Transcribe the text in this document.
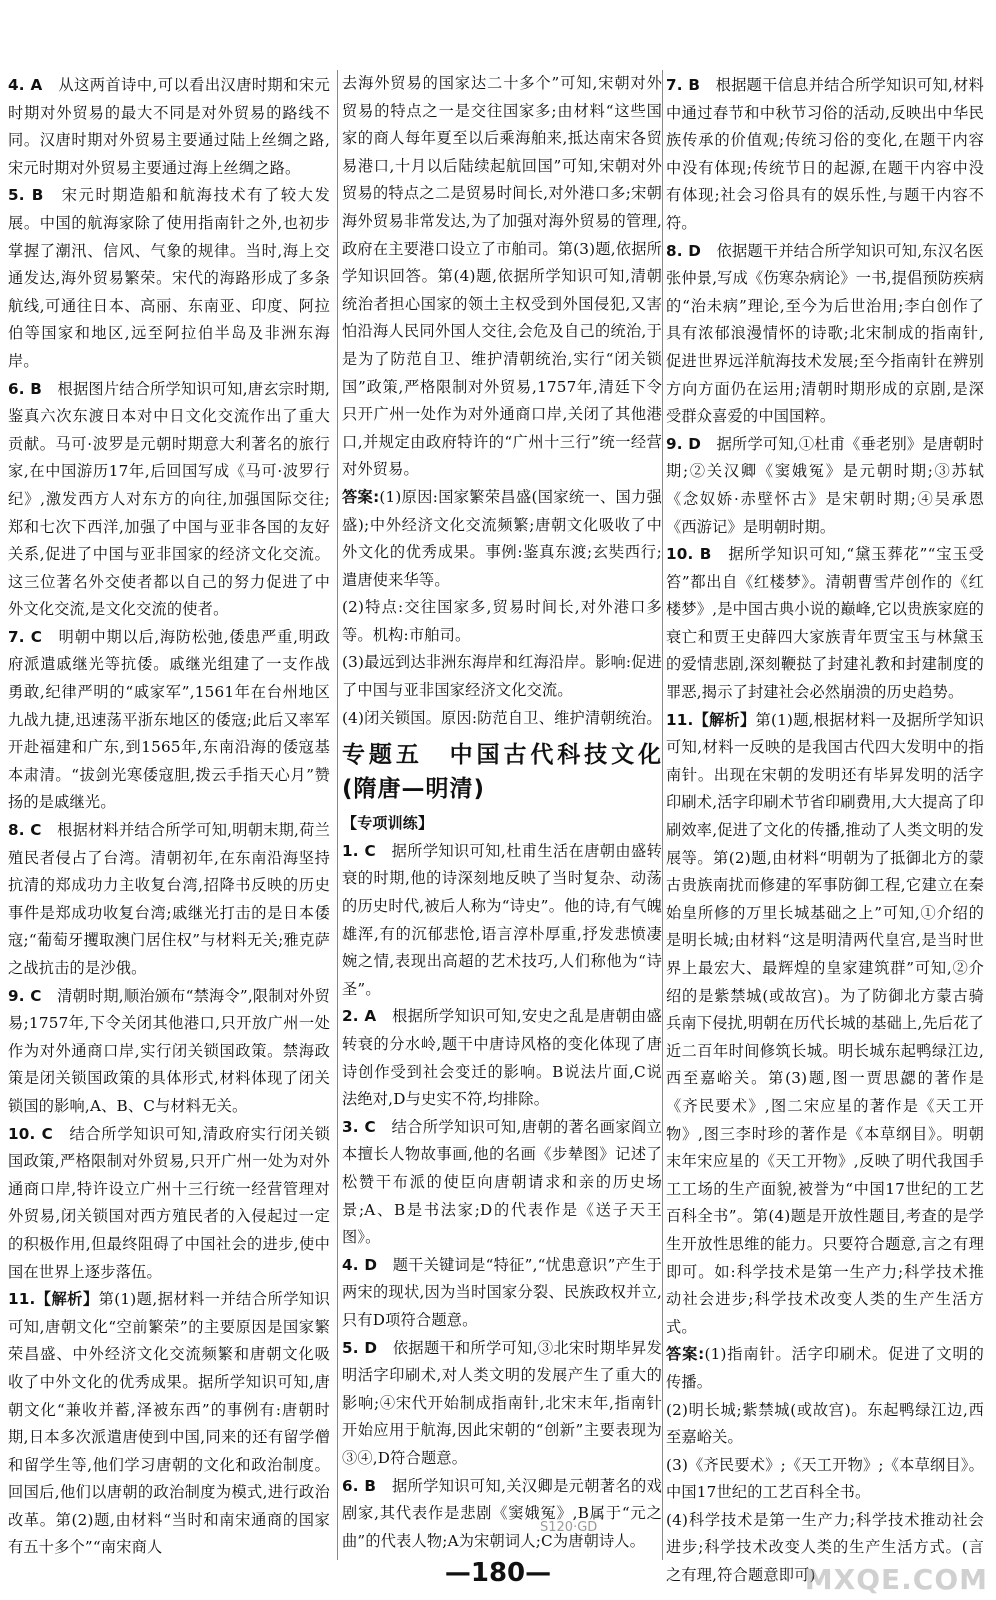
4. A　 从这两首诗中,可以看出汉唐时期和宋元时期对外贸易的最大不同是对外贸易的路线不同。汉唐时期对外贸易主要通过陆上丝绸之路,宋元时期对外贸易主要通过海上丝绸之路。

5. B　 宋元时期造船和航海技术有了较大发展。中国的航海家除了使用指南针之外,也初步掌握了潮汛、信风、气象的规律。当时,海上交通发达,海外贸易繁荣。宋代的海路形成了多条航线,可通往日本、高丽、东南亚、印度、阿拉伯等国家和地区,远至阿拉伯半岛及非洲东海岸。

6. B　 根据图片结合所学知识可知,唐玄宗时期,鉴真六次东渡日本对中日文化交流作出了重大贡献。马可·波罗是元朝时期意大利著名的旅行家,在中国游历17年,后回国写成《马可·波罗行纪》,激发西方人对东方的向往,加强国际交往;郑和七次下西洋,加强了中国与亚非各国的友好关系,促进了中国与亚非国家的经济文化交流。这三位著名外交使者都以自己的努力促进了中外文化交流,是文化交流的使者。

7. C　 明朝中期以后,海防松弛,倭患严重,明政府派遣戚继光等抗倭。戚继光组建了一支作战勇敢,纪律严明的“戚家军”,1561年在台州地区九战九捷,迅速荡平浙东地区的倭寇;此后又率军开赴福建和广东,到1565年,东南沿海的倭寇基本肃清。“拔剑光寒倭寇胆,拨云手指天心月”赞扬的是戚继光。

8. C　 根据材料并结合所学可知,明朝末期,荷兰殖民者侵占了台湾。清朝初年,在东南沿海坚持抗清的郑成功力主收复台湾,招降书反映的历史事件是郑成功收复台湾;戚继光打击的是日本倭寇;“葡萄牙攫取澳门居住权”与材料无关;雅克萨之战抗击的是沙俄。

9. C　 清朝时期,顺治颁布“禁海令”,限制对外贸易;1757年,下令关闭其他港口,只开放广州一处作为对外通商口岸,实行闭关锁国政策。禁海政策是闭关锁国政策的具体形式,材料体现了闭关锁国的影响,A、B、C与材料无关。

10. C　 结合所学知识可知,清政府实行闭关锁国政策,严格限制对外贸易,只开广州一处为对外通商口岸,特许设立广州十三行统一经营管理对外贸易,闭关锁国对西方殖民者的入侵起过一定的积极作用,但最终阻碍了中国社会的进步,使中国在世界上逐步落伍。

11.【解析】第(1)题,据材料一并结合所学知识可知,唐朝文化“空前繁荣”的主要原因是国家繁荣昌盛、中外经济文化交流频繁和唐朝文化吸收了中外文化的优秀成果。据所学知识可知,唐朝文化“兼收并蓄,泽被东西”的事例有:唐朝时期,日本多次派遣唐使到中国,同来的还有留学僧和留学生等,他们学习唐朝的文化和政治制度。回国后,他们以唐朝的政治制度为模式,进行政治改革。第(2)题,由材料“当时和南宋通商的国家有五十多个”“南宋商人

去海外贸易的国家达二十多个”可知,宋朝对外贸易的特点之一是交往国家多;由材料“这些国家的商人每年夏至以后乘海舶来,抵达南宋各贸易港口,十月以后陆续起航回国”可知,宋朝对外贸易的特点之二是贸易时间长,对外港口多;宋朝海外贸易非常发达,为了加强对海外贸易的管理,政府在主要港口设立了市舶司。第(3)题,依据所学知识回答。第(4)题,依据所学知识可知,清朝统治者担心国家的领土主权受到外国侵犯,又害怕沿海人民同外国人交往,会危及自己的统治,于是为了防范自卫、维护清朝统治,实行“闭关锁国”政策,严格限制对外贸易,1757年,清廷下令只开广州一处作为对外通商口岸,关闭了其他港口,并规定由政府特许的“广州十三行”统一经营对外贸易。

答案:(1)原因:国家繁荣昌盛(国家统一、国力强盛);中外经济文化交流频繁;唐朝文化吸收了中外文化的优秀成果。事例:鉴真东渡;玄奘西行;遣唐使来华等。

(2)特点:交往国家多,贸易时间长,对外港口多等。机构:市舶司。

(3)最远到达非洲东海岸和红海沿岸。影响:促进了中国与亚非国家经济文化交流。

(4)闭关锁国。原因:防范自卫、维护清朝统治。

专题五　中国古代科技文化(隋唐—明清)

【专项训练】

1. C　 据所学知识可知,杜甫生活在唐朝由盛转衰的时期,他的诗深刻地反映了当时复杂、动荡的历史时代,被后人称为“诗史”。他的诗,有气魄雄浑,有的沉郁悲怆,语言淳朴厚重,抒发悲愤凄婉之情,表现出高超的艺术技巧,人们称他为“诗圣”。

2. A　 根据所学知识可知,安史之乱是唐朝由盛转衰的分水岭,题干中唐诗风格的变化体现了唐诗创作受到社会变迁的影响。B说法片面,C说法绝对,D与史实不符,均排除。

3. C　 结合所学知识可知,唐朝的著名画家阎立本擅长人物故事画,他的名画《步辇图》记述了松赞干布派的使臣向唐朝请求和亲的历史场景;A、B是书法家;D的代表作是《送子天王图》。

4. D　 题干关键词是“特征”,“忧患意识”产生于两宋的现状,因为当时国家分裂、民族政权并立,只有D项符合题意。

5. D　 依据题干和所学可知,③北宋时期毕昇发明活字印刷术,对人类文明的发展产生了重大的影响;④宋代开始制成指南针,北宋末年,指南针开始应用于航海,因此宋朝的“创新”主要表现为③④,D符合题意。

6. B　 据所学知识可知,关汉卿是元朝著名的戏剧家,其代表作是悲剧《窦娥冤》,B属于“元之曲”的代表人物;A为宋朝词人;C为唐朝诗人。

7. B　 根据题干信息并结合所学知识可知,材料中通过春节和中秋节习俗的活动,反映出中华民族传承的价值观;传统习俗的变化,在题干内容中没有体现;传统节日的起源,在题干内容中没有体现;社会习俗具有的娱乐性,与题干内容不符。

8. D　 依据题干并结合所学知识可知,东汉名医张仲景,写成《伤寒杂病论》一书,提倡预防疾病的“治未病”理论,至今为后世治用;李白创作了具有浓郁浪漫情怀的诗歌;北宋制成的指南针,促进世界远洋航海技术发展;至今指南针在辨别方向方面仍在运用;清朝时期形成的京剧,是深受群众喜爱的中国国粹。

9. D　 据所学可知,①杜甫《垂老别》是唐朝时期;②关汉卿《窦娥冤》是元朝时期;③苏轼《念奴娇·赤壁怀古》是宋朝时期;④吴承恩《西游记》是明朝时期。

10. B　 据所学知识可知,“黛玉葬花”“宝玉受笞”都出自《红楼梦》。清朝曹雪芹创作的《红楼梦》,是中国古典小说的巅峰,它以贵族家庭的衰亡和贾王史薛四大家族青年贾宝玉与林黛玉的爱情悲剧,深刻鞭挞了封建礼教和封建制度的罪恶,揭示了封建社会必然崩溃的历史趋势。

11.【解析】第(1)题,根据材料一及据所学知识可知,材料一反映的是我国古代四大发明中的指南针。出现在宋朝的发明还有毕昇发明的活字印刷术,活字印刷术节省印刷费用,大大提高了印刷效率,促进了文化的传播,推动了人类文明的发展等。第(2)题,由材料“明朝为了抵御北方的蒙古贵族南扰而修建的军事防御工程,它建立在秦始皇所修的万里长城基础之上”可知,①介绍的是明长城;由材料“这是明清两代皇宫,是当时世界上最宏大、最辉煌的皇家建筑群”可知,②介绍的是紫禁城(或故宫)。为了防御北方蒙古骑兵南下侵扰,明朝在历代长城的基础上,先后花了近二百年时间修筑长城。明长城东起鸭绿江边,西至嘉峪关。第(3)题,图一贾思勰的著作是《齐民要术》,图二宋应星的著作是《天工开物》,图三李时珍的著作是《本草纲目》。明朝末年宋应星的《天工开物》,反映了明代我国手工工场的生产面貌,被誉为“中国17世纪的工艺百科全书”。第(4)题是开放性题目,考查的是学生开放性思维的能力。只要符合题意,言之有理即可。如:科学技术是第一生产力;科学技术推动社会进步;科学技术改变人类的生产生活方式。

答案:(1)指南针。活字印刷术。促进了文明的传播。

(2)明长城;紫禁城(或故宫)。东起鸭绿江边,西至嘉峪关。

(3)《齐民要术》;《天工开物》;《本草纲目》。中国17世纪的工艺百科全书。

(4)科学技术是第一生产力;科学技术推动社会进步;科学技术改变人类的生产生活方式。(言之有理,符合题意即可)

S120·GD
—180—	MXQE.COM
